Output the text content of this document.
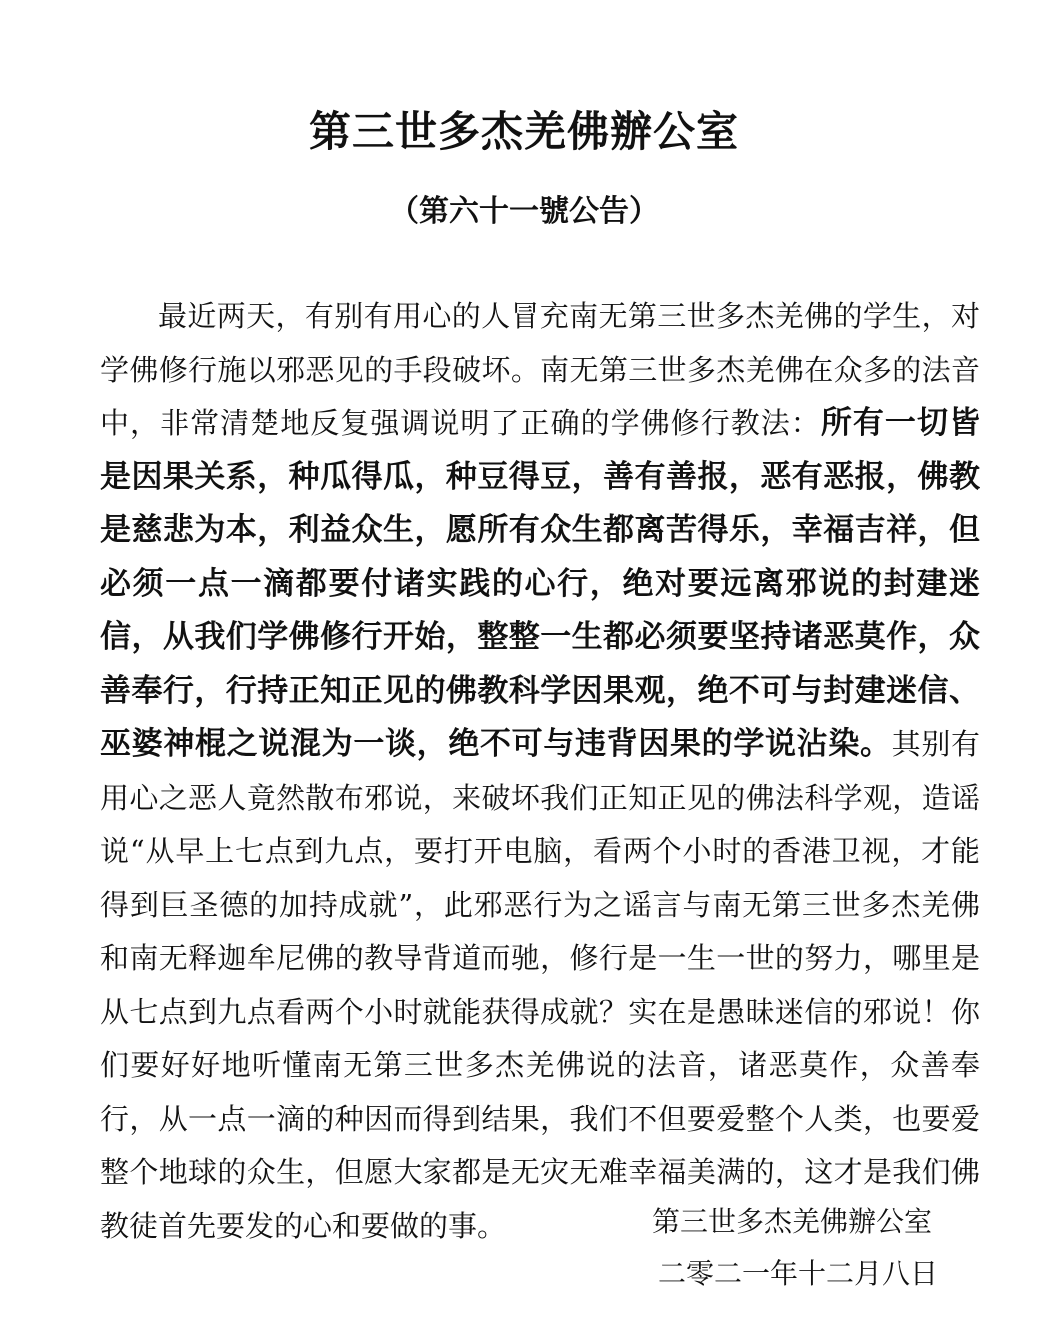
第三世多杰羌佛辦公室
（第六十一號公告）

最近两天，有别有用心的人冒充南无第三世多杰羌佛的学生，对学佛修行施以邪恶见的手段破坏。南无第三世多杰羌佛在众多的法音中，非常清楚地反复强调说明了正确的学佛修行教法：所有一切皆是因果关系，种瓜得瓜，种豆得豆，善有善报，恶有恶报，佛教是慈悲为本，利益众生，愿所有众生都离苦得乐，幸福吉祥，但必须一点一滴都要付诸实践的心行，绝对要远离邪说的封建迷信，从我们学佛修行开始，整整一生都必须要坚持诸恶莫作，众善奉行，行持正知正见的佛教科学因果观，绝不可与封建迷信、巫婆神棍之说混为一谈，绝不可与违背因果的学说沾染。其别有用心之恶人竟然散布邪说，来破坏我们正知正见的佛法科学观，造谣说“从早上七点到九点，要打开电脑，看两个小时的香港卫视，才能得到巨圣德的加持成就”，此邪恶行为之谣言与南无第三世多杰羌佛和南无释迦牟尼佛的教导背道而驰，修行是一生一世的努力，哪里是从七点到九点看两个小时就能获得成就？实在是愚昧迷信的邪说！你们要好好地听懂南无第三世多杰羌佛说的法音，诸恶莫作，众善奉行，从一点一滴的种因而得到结果，我们不但要爱整个人类，也要爱整个地球的众生，但愿大家都是无灾无难幸福美满的，这才是我们佛教徒首先要发的心和要做的事。	第三世多杰羌佛辦公室
二零二一年十二月八日
